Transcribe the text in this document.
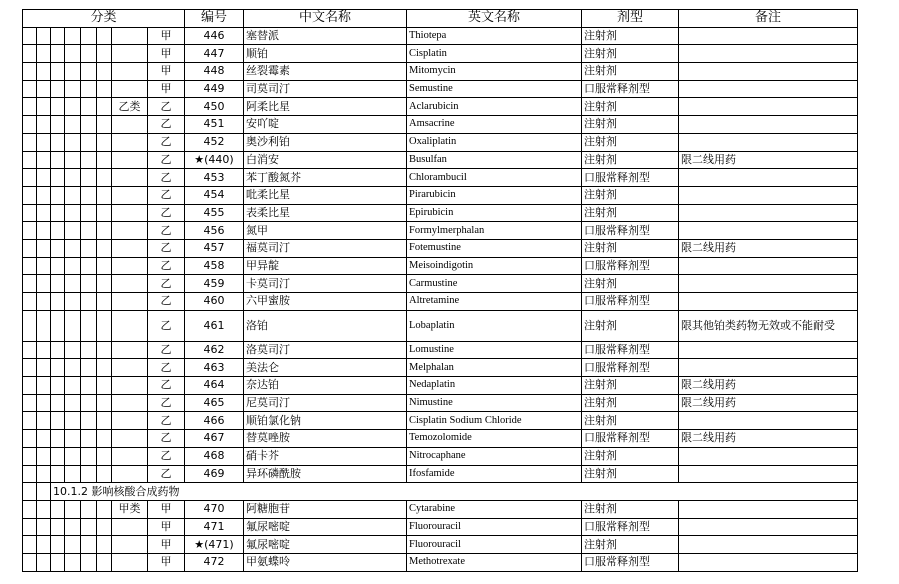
分类								编号	中文名称	英文名称	剂型	备注
							甲	446	塞替派	Thiotepa	注射剂	
							甲	447	顺铂	Cisplatin	注射剂	
							甲	448	丝裂霉素	Mitomycin	注射剂	
							甲	449	司莫司汀	Semustine	口服常释剂型	
						乙类	乙	450	阿柔比星	Aclarubicin	注射剂	
							乙	451	安吖啶	Amsacrine	注射剂	
							乙	452	奥沙利铂	Oxaliplatin	注射剂	
							乙	★(440)	白消安	Busulfan	注射剂	限二线用药
							乙	453	苯丁酸氮芥	Chlorambucil	口服常释剂型	
							乙	454	吡柔比星	Pirarubicin	注射剂	
							乙	455	表柔比星	Epirubicin	注射剂	
							乙	456	氮甲	Formylmerphalan	口服常释剂型	
							乙	457	福莫司汀	Fotemustine	注射剂	限二线用药
							乙	458	甲异靛	Meisoindigotin	口服常释剂型	
							乙	459	卡莫司汀	Carmustine	注射剂	
							乙	460	六甲蜜胺	Altretamine	口服常释剂型	
							乙	461	洛铂	Lobaplatin	注射剂	限其他铂类药物无效或不能耐受
							乙	462	洛莫司汀	Lomustine	口服常释剂型	
							乙	463	美法仑	Melphalan	口服常释剂型	
							乙	464	奈达铂	Nedaplatin	注射剂	限二线用药
							乙	465	尼莫司汀	Nimustine	注射剂	限二线用药
							乙	466	顺铂氯化钠	Cisplatin Sodium Chloride	注射剂	
							乙	467	替莫唑胺	Temozolomide	口服常释剂型	限二线用药
							乙	468	硝卡芥	Nitrocaphane	注射剂	
							乙	469	异环磷酰胺	Ifosfamide	注射剂	
		10.1.2 影响核酸合成药物										
						甲类	甲	470	阿糖胞苷	Cytarabine	注射剂	
							甲	471	氟尿嘧啶	Fluorouracil	口服常释剂型	
							甲	★(471)	氟尿嘧啶	Fluorouracil	注射剂	
							甲	472	甲氨蝶呤	Methotrexate	口服常释剂型	
